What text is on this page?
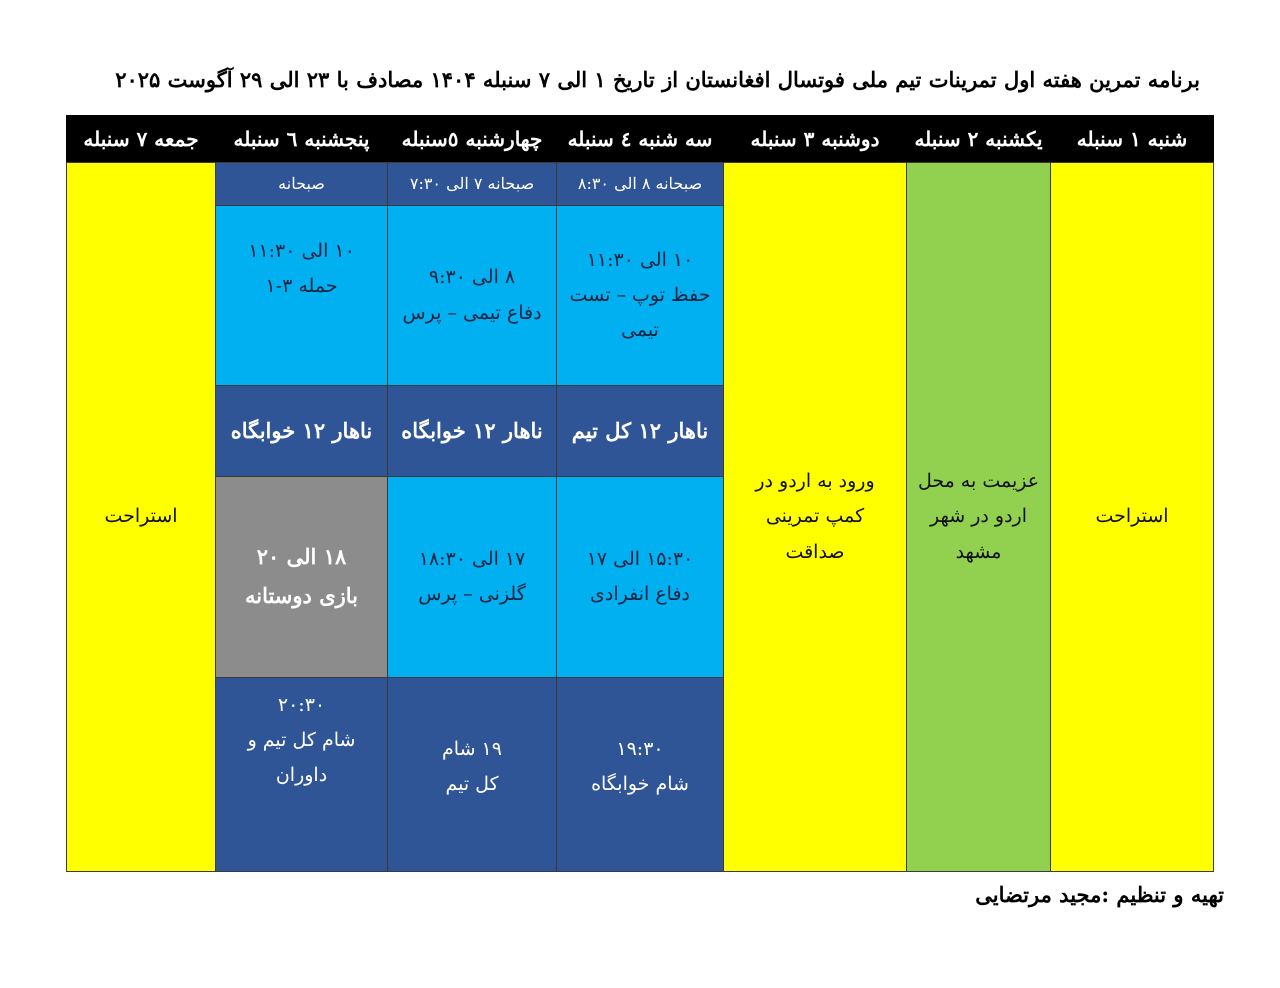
برنامه تمرین هفته اول تمرینات تیم ملی فوتسال افغانستان از تاریخ ۱ الی ۷ سنبله ۱۴۰۴ مصادف با ۲۳ الی ۲۹ آگوست ۲۰۲۵
شنبه ۱ سنبله
یکشنبه ۲ سنبله
دوشنبه ۳ سنبله
سه شنبه ٤ سنبله
چهارشنبه ٥سنبله
پنجشنبه ٦ سنبله
جمعه ۷ سنبله
استراحت
عزیمت به محل
اردو در شهر
مشهد
ورود به اردو در
کمپ تمرینی
صداقت
استراحت
صبحانه ۸ الی ۸:۳۰
صبحانه ۷ الی ۷:۳۰
صبحانه
۱۰ الی ۱۱:۳۰
حفظ توپ – تست
تیمی
۸ الی ۹:۳۰
دفاع تیمی – پرس
۱۰ الی ۱۱:۳۰
حمله ۳-۱
ناهار ۱۲ کل تیم
ناهار ۱۲ خوابگاه
ناهار ۱۲ خوابگاه
۱۵:۳۰ الی ۱۷
دفاع انفرادی
۱۷ الی ۱۸:۳۰
گلزنی – پرس
۱۸ الی ۲۰
بازی دوستانه
۱۹:۳۰
شام خوابگاه
۱۹ شام
کل تیم
۲۰:۳۰
شام کل تیم و
داوران
تهیه و تنظیم :مجید مرتضایی
